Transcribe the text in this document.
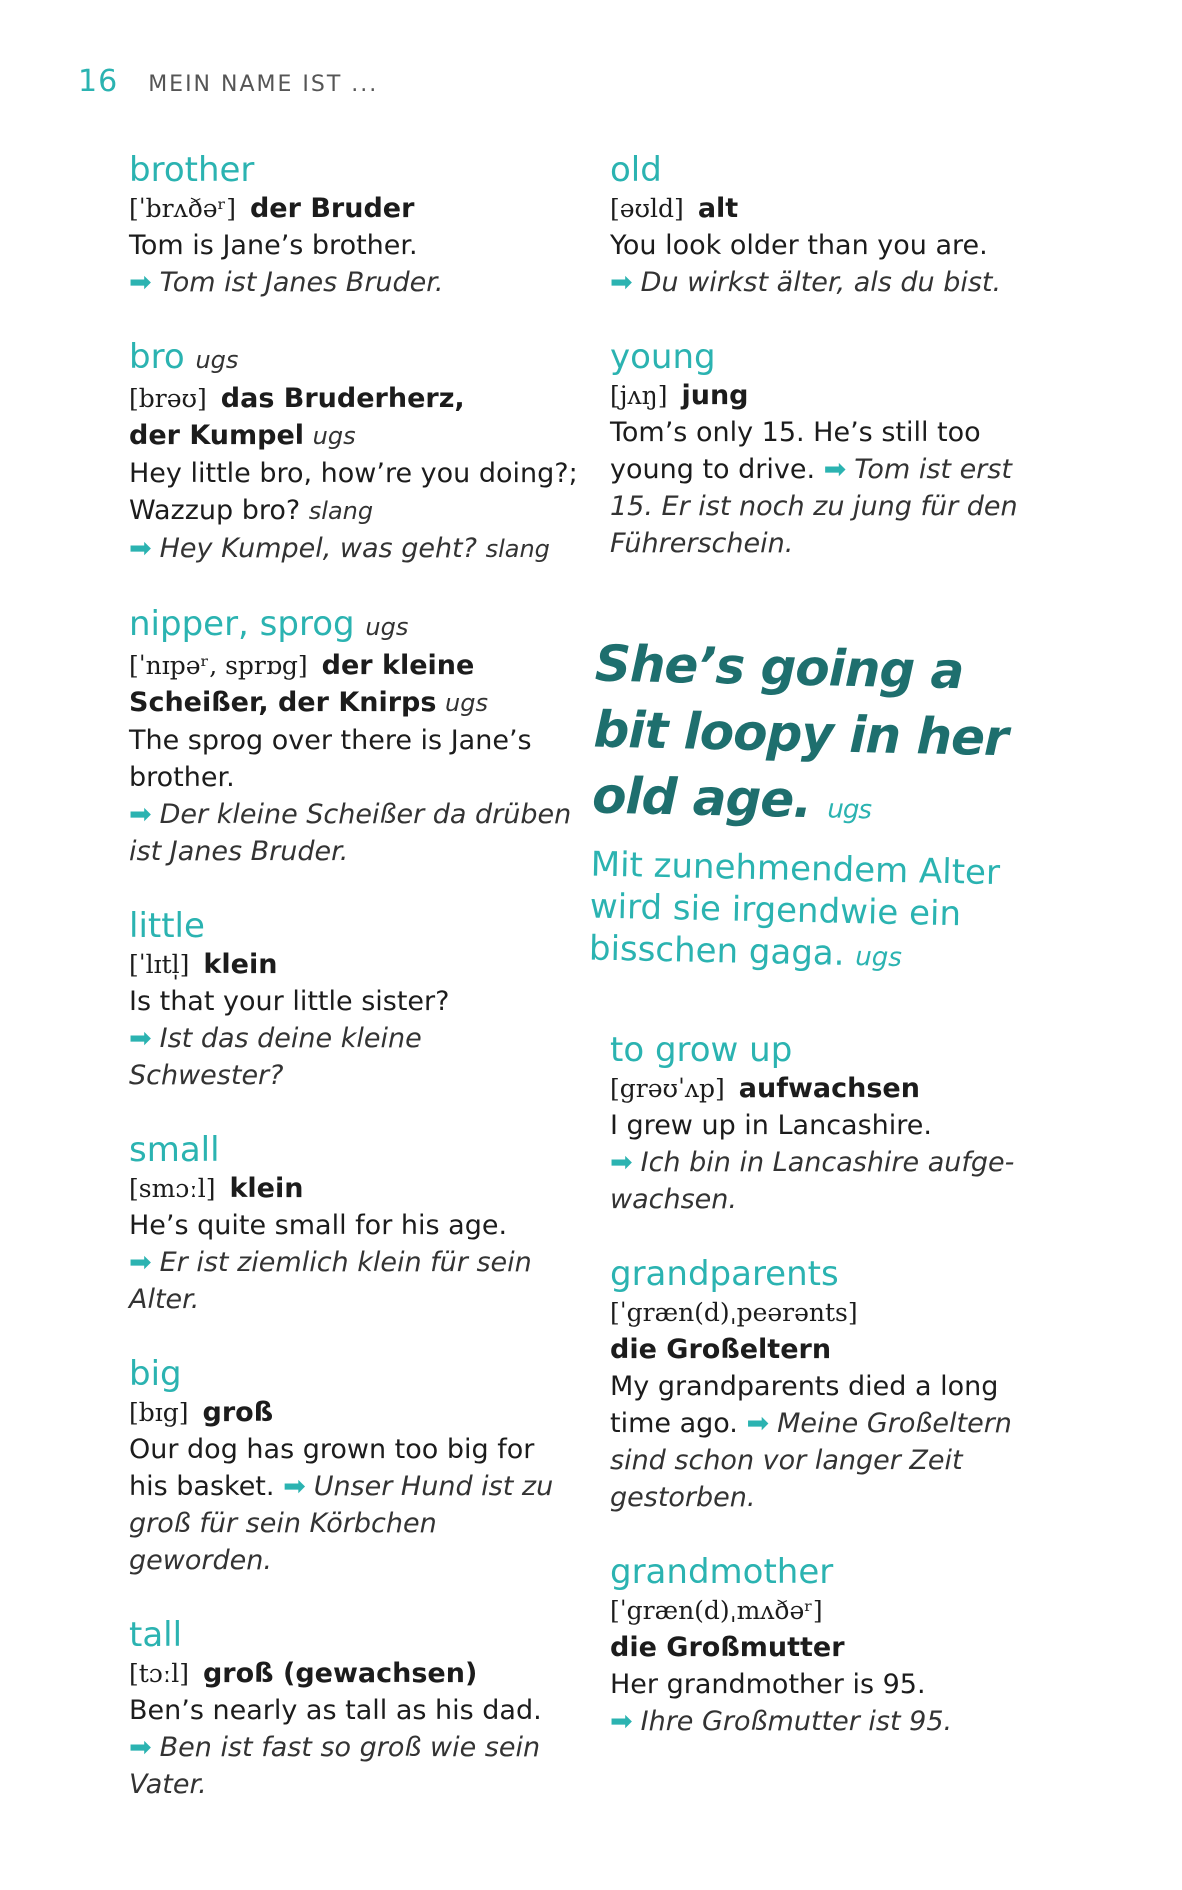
16 MEIN NAME IST ...
brother
[ˈbrʌðəʳ] der Bruder
Tom is Jane’s brother.
➡ Tom ist Janes Bruder.
bro ugs
[brəʊ] das Bruderherz,
der Kumpel ugs
Hey little bro, how’re you doing?; Wazzup bro? slang
➡ Hey Kumpel, was geht? slang
nipper, sprog ugs
[ˈnɪpəʳ, sprɒg] der kleine Scheißer, der Knirps ugs
The sprog over there is Jane’s brother.
➡ Der kleine Scheißer da drüben ist Janes Bruder.
little
[ˈlɪtl̩] klein
Is that your little sister?
➡ Ist das deine kleine Schwester?
small
[smɔːl] klein
He’s quite small for his age.
➡ Er ist ziemlich klein für sein Alter.
big
[bɪg] groß
Our dog has grown too big for his basket. ➡ Unser Hund ist zu groß für sein Körbchen geworden.
tall
[tɔːl] groß (gewachsen)
Ben’s nearly as tall as his dad.
➡ Ben ist fast so groß wie sein Vater.
old
[əʊld] alt
You look older than you are.
➡ Du wirkst älter, als du bist.
young
[jʌŋ] jung
Tom’s only 15. He’s still too young to drive. ➡ Tom ist erst 15. Er ist noch zu jung für den Führerschein.
She’s going a bit loopy in her old age. ugs
Mit zunehmendem Alter wird sie irgendwie ein bisschen gaga. ugs
to grow up
[grəʊˈʌp] aufwachsen
I grew up in Lancashire.
➡ Ich bin in Lancashire aufge- wachsen.
grandparents
[ˈgræn(d)ˌpeərənts]
die Großeltern
My grandparents died a long time ago. ➡ Meine Großeltern sind schon vor langer Zeit gestorben.
grandmother
[ˈgræn(d)ˌmʌðəʳ]
die Großmutter
Her grandmother is 95.
➡ Ihre Großmutter ist 95.
